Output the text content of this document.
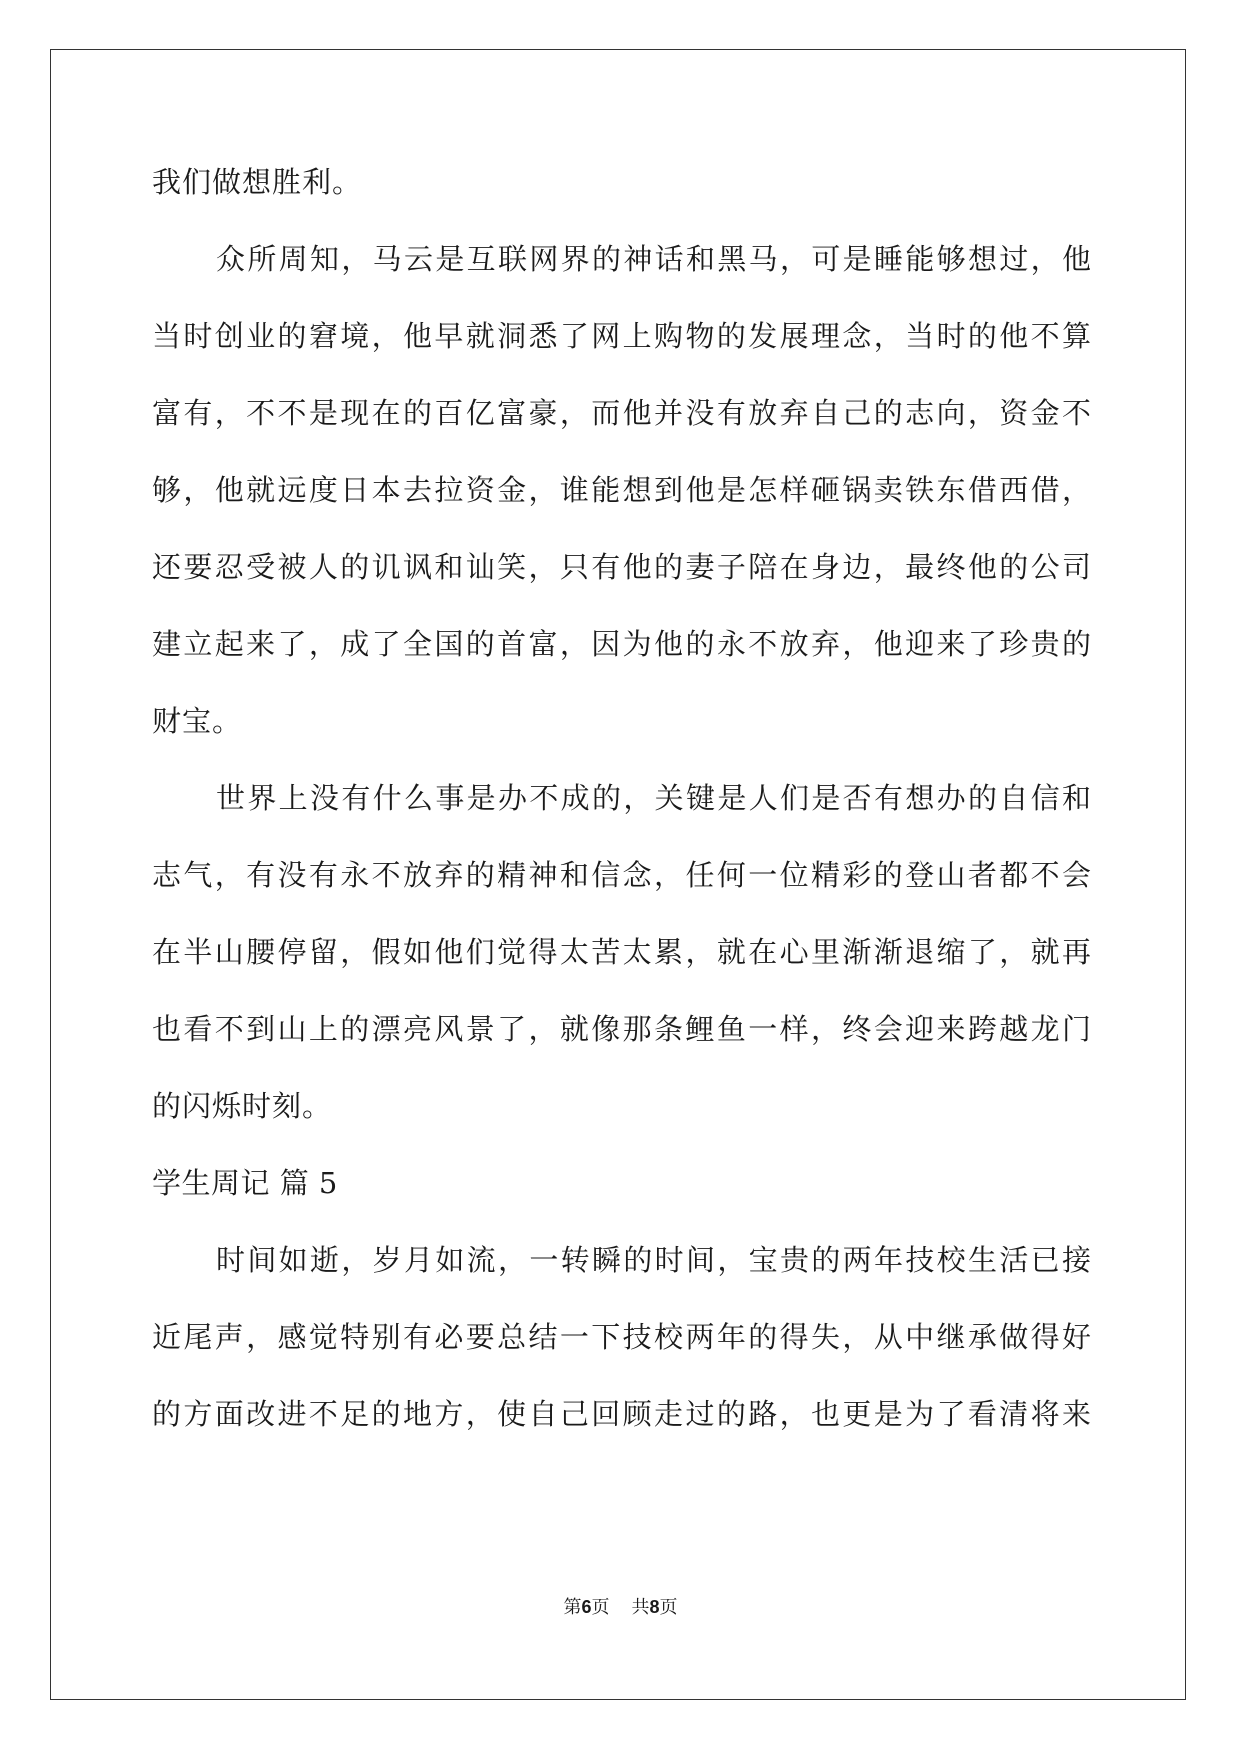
我们做想胜利。
众所周知，马云是互联网界的神话和黑马，可是睡能够想过，他
当时创业的窘境，他早就洞悉了网上购物的发展理念，当时的他不算
富有，不不是现在的百亿富豪，而他并没有放弃自己的志向，资金不
够，他就远度日本去拉资金，谁能想到他是怎样砸锅卖铁东借西借，
还要忍受被人的讥讽和讪笑，只有他的妻子陪在身边，最终他的公司
建立起来了，成了全国的首富，因为他的永不放弃，他迎来了珍贵的
财宝。
世界上没有什么事是办不成的，关键是人们是否有想办的自信和
志气，有没有永不放弃的精神和信念，任何一位精彩的登山者都不会
在半山腰停留，假如他们觉得太苦太累，就在心里渐渐退缩了，就再
也看不到山上的漂亮风景了，就像那条鲤鱼一样，终会迎来跨越龙门
的闪烁时刻。
学生周记 篇 5
时间如逝，岁月如流，一转瞬的时间，宝贵的两年技校生活已接
近尾声，感觉特别有必要总结一下技校两年的得失，从中继承做得好
的方面改进不足的地方，使自己回顾走过的路，也更是为了看清将来
第6页 共8页
